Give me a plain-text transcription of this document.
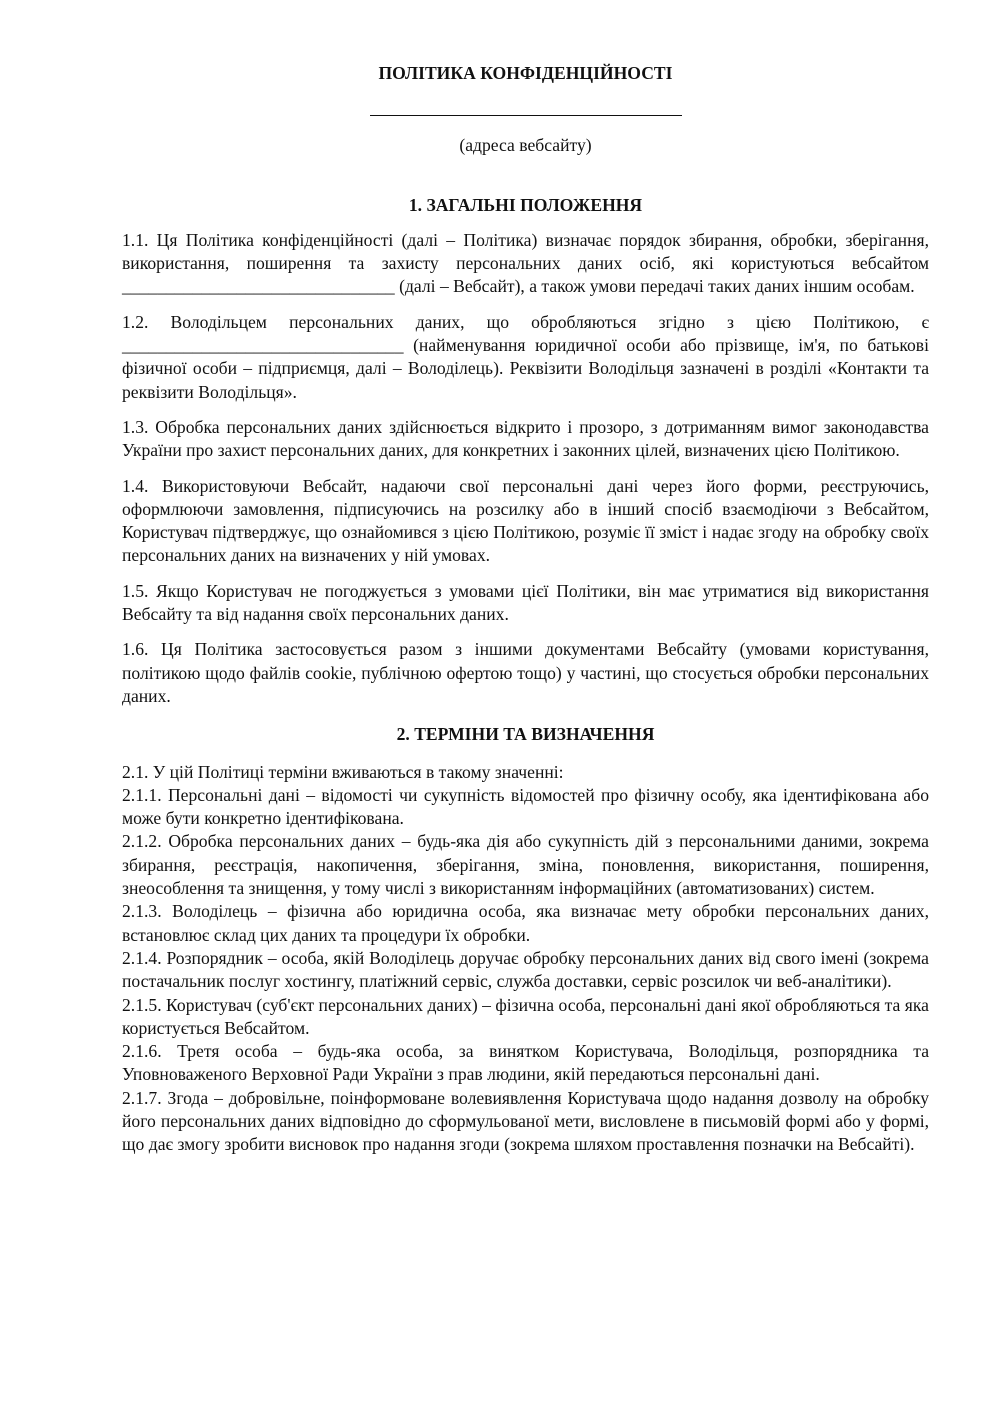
ПОЛІТИКА КОНФІДЕНЦІЙНОСТІ
(адреса вебсайту)
1. ЗАГАЛЬНІ ПОЛОЖЕННЯ

1.1. Ця Політика конфіденційності (далі – Політика) визначає порядок збирання, обробки, зберігання, використання, поширення та захисту персональних даних осіб, які користуються вебсайтом _______________________________ (далі – Вебсайт), а також умови передачі таких даних іншим особам.

1.2. Володільцем персональних даних, що обробляються згідно з цією Політикою, є ________________________________ (найменування юридичної особи або прізвище, ім'я, по батькові фізичної особи – підприємця, далі – Володілець). Реквізити Володільця зазначені в розділі «Контакти та реквізити Володільця».

1.3. Обробка персональних даних здійснюється відкрито і прозоро, з дотриманням вимог законодавства України про захист персональних даних, для конкретних і законних цілей, визначених цією Політикою.

1.4. Використовуючи Вебсайт, надаючи свої персональні дані через його форми, реєструючись, оформлюючи замовлення, підписуючись на розсилку або в інший спосіб взаємодіючи з Вебсайтом, Користувач підтверджує, що ознайомився з цією Політикою, розуміє її зміст і надає згоду на обробку своїх персональних даних на визначених у ній умовах.

1.5. Якщо Користувач не погоджується з умовами цієї Політики, він має утриматися від використання Вебсайту та від надання своїх персональних даних.

1.6. Ця Політика застосовується разом з іншими документами Вебсайту (умовами користування, політикою щодо файлів cookie, публічною офертою тощо) у частині, що стосується обробки персональних даних.

2. ТЕРМІНИ ТА ВИЗНАЧЕННЯ

2.1. У цій Політиці терміни вживаються в такому значенні:

2.1.1. Персональні дані – відомості чи сукупність відомостей про фізичну особу, яка ідентифікована або може бути конкретно ідентифікована.

2.1.2. Обробка персональних даних – будь-яка дія або сукупність дій з персональними даними, зокрема збирання, реєстрація, накопичення, зберігання, зміна, поновлення, використання, поширення, знеособлення та знищення, у тому числі з використанням інформаційних (автоматизованих) систем.

2.1.3. Володілець – фізична або юридична особа, яка визначає мету обробки персональних даних, встановлює склад цих даних та процедури їх обробки.

2.1.4. Розпорядник – особа, якій Володілець доручає обробку персональних даних від свого імені (зокрема постачальник послуг хостингу, платіжний сервіс, служба доставки, сервіс розсилок чи веб-аналітики).

2.1.5. Користувач (суб'єкт персональних даних) – фізична особа, персональні дані якої обробляються та яка користується Вебсайтом.

2.1.6. Третя особа – будь-яка особа, за винятком Користувача, Володільця, розпорядника та Уповноваженого Верховної Ради України з прав людини, якій передаються персональні дані.

2.1.7. Згода – добровільне, поінформоване волевиявлення Користувача щодо надання дозволу на обробку його персональних даних відповідно до сформульованої мети, висловлене в письмовій формі або у формі, що дає змогу зробити висновок про надання згоди (зокрема шляхом проставлення позначки на Вебсайті).
